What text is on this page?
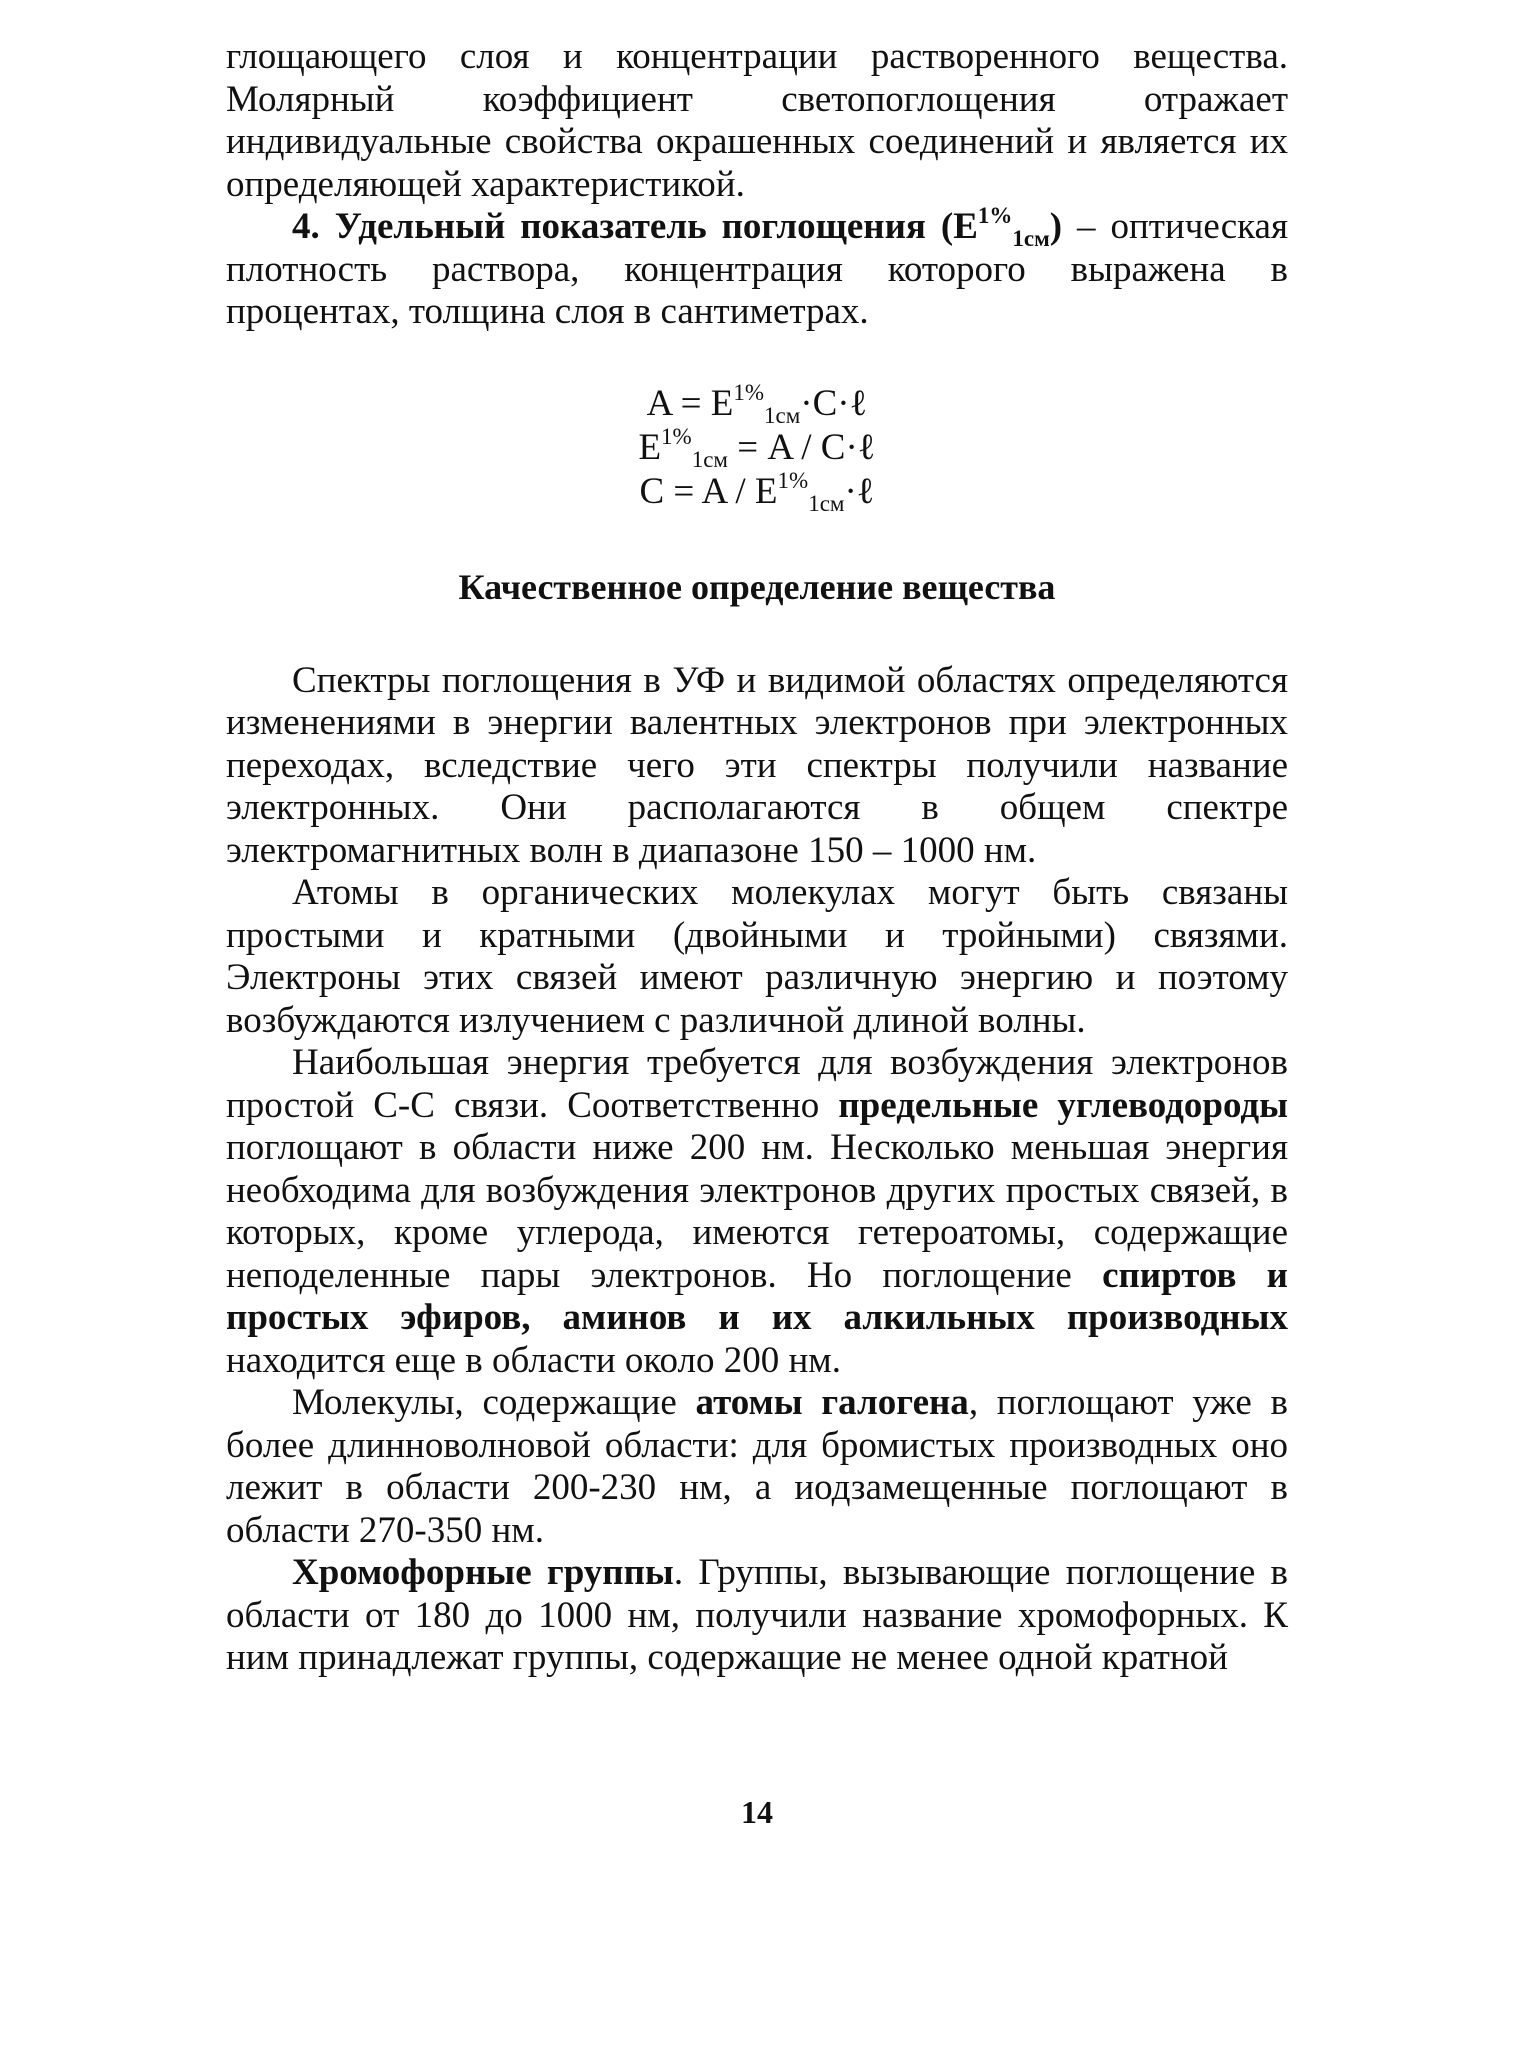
глощающего слоя и концентрации растворенного вещества. Молярный коэффициент светопоглощения отражает индивидуальные свойства окрашенных соединений и является их определяющей характеристикой.

4. Удельный показатель поглощения $(E^{1\%}_{1см})$ – оптическая плотность раствора, концентрация которого выражена в процентах, толщина слоя в сантиметрах.

$A = E^{1\%}_{1см}\cdot C\cdot\ell$
$E^{1\%}_{1см} = A$ / C·ℓ
$C = A / E^{1\%}_{1см}\cdot\ell$
Качественное определение вещества

Спектры поглощения в УФ и видимой областях определяются изменениями в энергии валентных электронов при электронных переходах, вследствие чего эти спектры получили название электронных. Они располагаются в общем спектре электромагнитных волн в диапазоне 150 – 1000 нм.

Атомы в органических молекулах могут быть связаны простыми и кратными (двойными и тройными) связями. Электроны этих связей имеют различную энергию и поэтому возбуждаются излучением с различной длиной волны.

Наибольшая энергия требуется для возбуждения электронов простой С-С связи. Соответственно предельные углеводороды поглощают в области ниже 200 нм. Несколько меньшая энергия необходима для возбуждения электронов других простых связей, в которых, кроме углерода, имеются гетероатомы, содержащие неподеленные пары электронов. Но поглощение спиртов и простых эфиров, аминов и их алкильных производных находится еще в области около 200 нм.

Молекулы, содержащие атомы галогена, поглощают уже в более длинноволновой области: для бромистых производных оно лежит в области 200-230 нм, а иодзамещенные поглощают в области 270-350 нм.

Хромофорные группы. Группы, вызывающие поглощение в области от 180 до 1000 нм, получили название хромофорных. К ним принадлежат группы, содержащие не менее одной кратной

14
